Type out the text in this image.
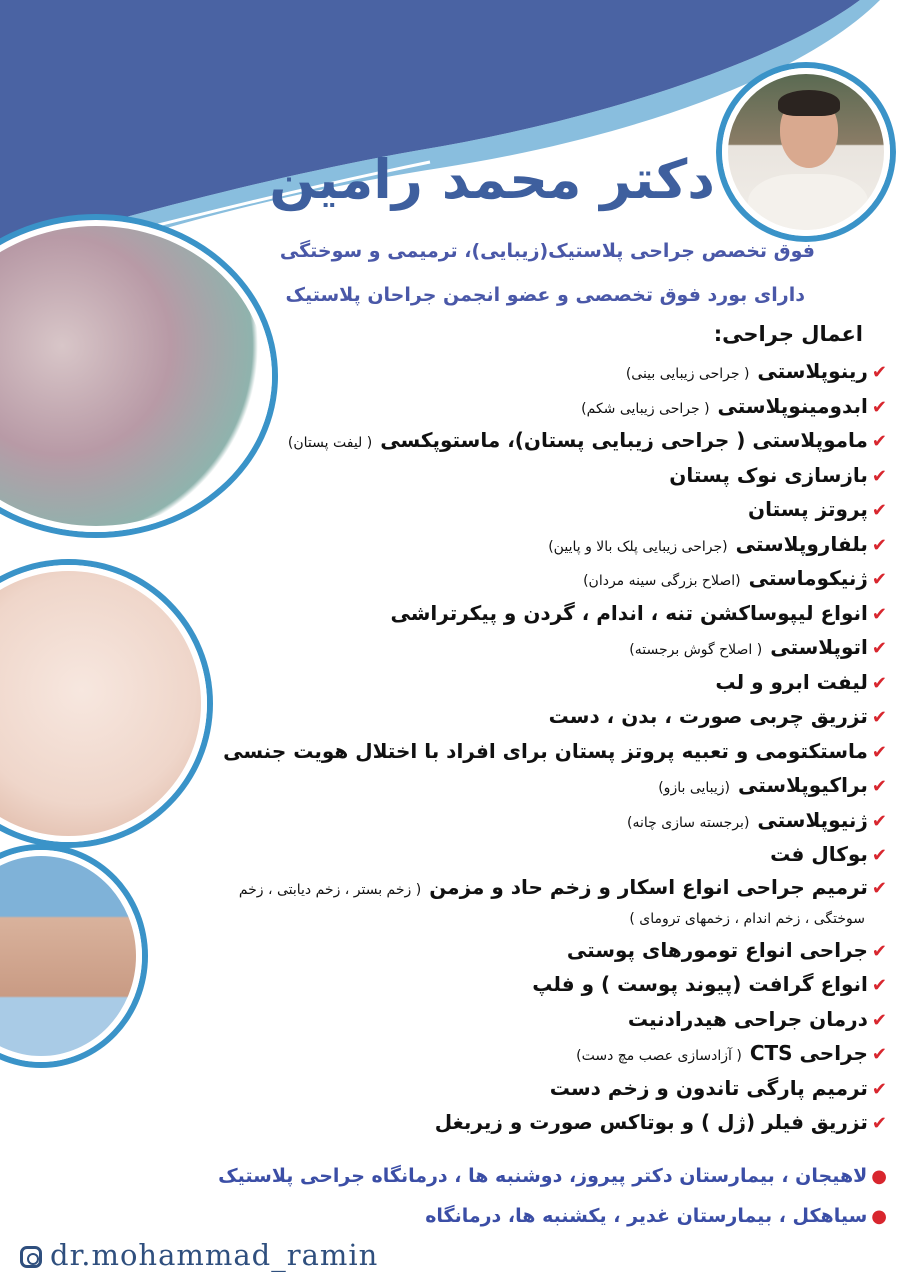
دکتر محمد رامین
فوق تخصص جراحی پلاستیک(زیبایی)، ترمیمی و سوختگی
دارای بورد فوق تخصصی و عضو انجمن جراحان پلاستیک
اعمال جراحی:
✔رینوپلاستی( جراحی زیبایی بینی)
✔ابدومینوپلاستی( جراحی زیبایی شکم)
✔ماموپلاستی ( جراحی زیبایی پستان)، ماستوپکسی( لیفت پستان)
✔بازسازی نوک پستان
✔پروتز پستان
✔بلفاروپلاستی(جراحی زیبایی پلک بالا و پایین)
✔ژنیکوماستی(اصلاح بزرگی سینه مردان)
✔انواع لیپوساکشن تنه ، اندام ، گردن و پیکرتراشی
✔اتوپلاستی( اصلاح گوش برجسته)
✔لیفت ابرو و لب
✔تزریق چربی صورت ، بدن ، دست
✔ماستکتومی و تعبیه پروتز پستان برای افراد با اختلال هویت جنسی
✔براکیوپلاستی(زیبایی بازو)
✔ژنیوپلاستی(برجسته سازی چانه)
✔بوکال فت
✔ترمیم جراحی انواع اسکار و زخم حاد و مزمن( زخم بستر ، زخم دیابتی ، زخم
سوختگی ، زخم اندام ، زخمهای ترومای )
✔جراحی انواع تومورهای پوستی
✔انواع گرافت (پیوند پوست ) و فلپ
✔درمان جراحی هیدرادنیت
✔جراحی CTS( آزادسازی عصب مچ دست)
✔ترمیم پارگی تاندون و زخم دست
✔تزریق فیلر (ژل ) و بوتاکس صورت و زیربغل
●لاهیجان ، بیمارستان دکتر پیروز، دوشنبه ها ، درمانگاه جراحی پلاستیک
●سیاهکل ، بیمارستان غدیر ، یکشنبه ها، درمانگاه
dr.mohammad_ramin
